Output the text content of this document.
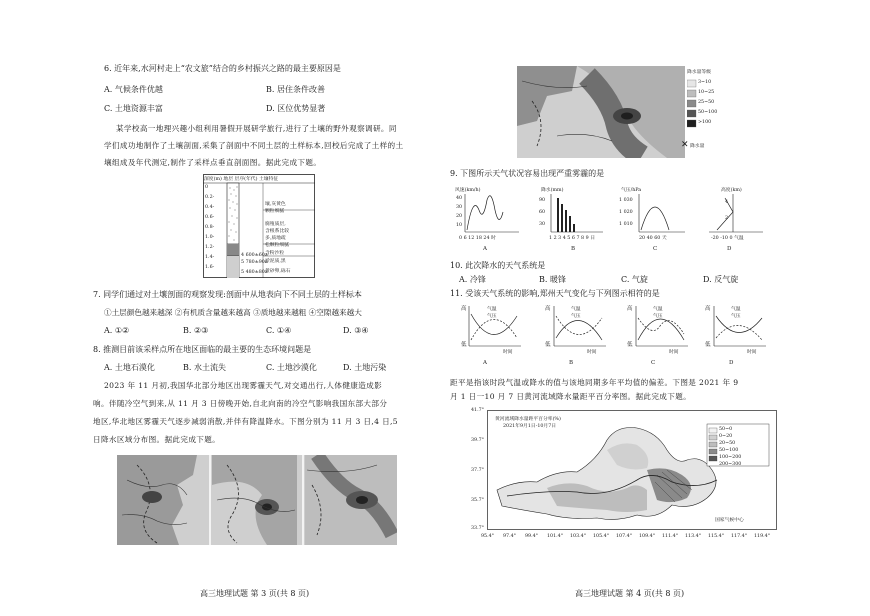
6. 近年来,水河村走上“农文旅”结合的乡村振兴之路的最主要原因是
A. 气候条件优越	B. 居住条件改善
C. 土地资源丰富	D. 区位优势显著
某学校高一地理兴趣小组利用暑假开展研学旅行,进行了土壤的野外观察调研。同
学们成功地制作了土壤剖面,采集了剖面中不同土层的土样标本,回校后完成了土样的土
壤组成及年代测定,制作了采样点垂直剖面图。据此完成下题。
深度(m) 地层 层序(年代) 土壤特征
0
0.2-
0.4-
0.6-
0.8-
1.0-
1.2-
1.4-
1.6-
4 600±60a
5 780±90a
5 480±80a
壤,灰黄色
颗粒细腻
腐殖质层,
含根系比较
多,质地疏
松颗粒细腻
含粉沙粒
淤泥质,黑
黄砂卵,砾石
7. 同学们通过对土壤剖面的观察发现:剖面中从地表向下不同土层的土样标本
①土层颜色越来越深 ②有机质含量越来越高 ③质地越来越粗 ④空隙越来越大
A. ①②	B. ②③	C. ①④	D. ③④
8. 推测目前该采样点所在地区面临的最主要的生态环境问题是
A. 土地石漠化	B. 水土流失	C. 土地沙漠化	D. 土地污染
2023 年 11 月初,我国华北部分地区出现雾霾天气,对交通出行,人体健康造成影
响。伴随冷空气到来,从 11 月 3 日傍晚开始,自北向南的冷空气影响我国东部大部分
地区,华北地区雾霾天气逐步减弱消散,并伴有降温降水。下图分别为 11 月 3 日,4 日,5
日降水区域分布图。据此完成下题。
高三地理试题 第 3 页(共 8 页)
降水量等级
3~10
10~25
25~50
50~100
>100
降水量
✕
9. 下图所示天气状况容易出现严重雾霾的是
风速(km/h)
40
30
20
10
0 6 12 18 24 时
A
降水(mm)
90
60
30
1 2 3 4 5 6 7 8 9 日
B
气压/hPa
1 030
1 020
1 010
20 40 60 天
C
高度(km)
4
2
-20 -10 0 气温
D
10. 此次降水的天气系统是
A. 冷锋	B. 暖锋	C. 气旋	D. 反气旋
11. 受该天气系统的影响,郑州天气变化与下列图示相符的是
高
低
气温
气压
时间
A
高
低
气温
气压
时间
B
高
低
气温
气压
时间
C
高
低
气温
气压
时间
D
距平是指该时段气温或降水的值与该地同期多年平均值的偏差。下图是 2021 年 9
月 1 日一10 月 7 日黄河流域降水量距平百分率图。据此完成下题。
黄河流域降水量距平百分率(%)
2021年9月1日-10月7日
50~0
0~20
20~50
50~100
100~200
200~300
41.7°
39.7°
37.7°
35.7°
33.7°
95.4° 97.4° 99.4° 101.4° 103.4° 105.4° 107.4° 109.4° 111.4° 113.4° 115.4° 117.4° 119.4°
国家气候中心
高三地理试题 第 4 页(共 8 页)
